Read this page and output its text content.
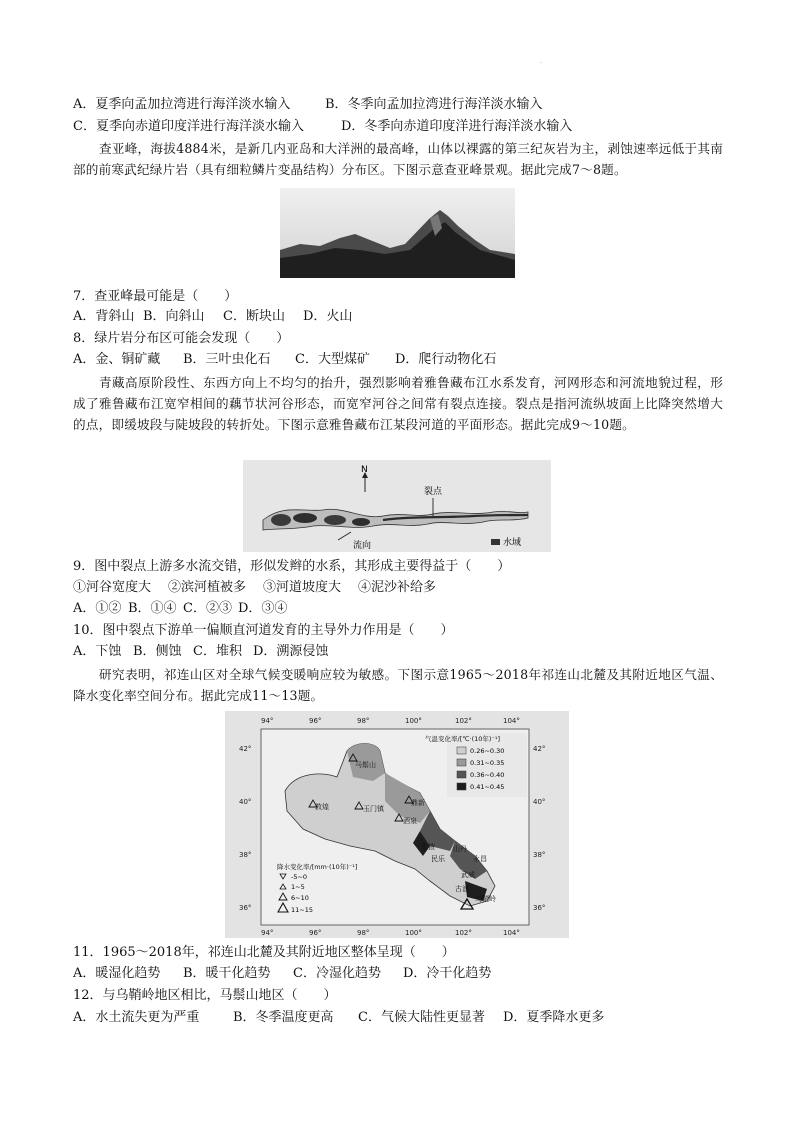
·
A．夏季向孟加拉湾进行海洋淡水输入	B．冬季向孟加拉湾进行海洋淡水输入
C．夏季向赤道印度洋进行海洋淡水输入	D．冬季向赤道印度洋进行海洋淡水输入
查亚峰，海拔4884米，是新几内亚岛和大洋洲的最高峰，山体以裸露的第三纪灰岩为主，剥蚀速率远低于其南部的前寒武纪绿片岩（具有细粒鳞片变晶结构）分布区。下图示意查亚峰景观。据此完成7～8题。
7．查亚峰最可能是（　　）
A．背斜山 B．向斜山 C．断块山 D．火山
8．绿片岩分布区可能会发现（　　）
A．金、铜矿藏 B．三叶虫化石 C．大型煤矿 D．爬行动物化石
青藏高原阶段性、东西方向上不均匀的抬升，强烈影响着雅鲁藏布江水系发育，河网形态和河流地貌过程，形成了雅鲁藏布江宽窄相间的藕节状河谷形态，而宽窄河谷之间常有裂点连接。裂点是指河流纵坡面上比降突然增大的点，即缓坡段与陡坡段的转折处。下图示意雅鲁藏布江某段河道的平面形态。据此完成9～10题。
N
裂点
流向	水域
9．图中裂点上游多水流交错，形似发辫的水系，其形成主要得益于（　　）
①河谷宽度大 ②滨河植被多 ③河道坡度大 ④泥沙补给多
A．①② B．①④ C．②③ D．③④
10．图中裂点下游单一偏顺直河道发育的主导外力作用是（　　）
A．下蚀 B．侧蚀 C．堆积 D．溯源侵蚀
研究表明，祁连山区对全球气候变暖响应较为敏感。下图示意1965～2018年祁连山北麓及其附近地区气温、降水变化率空间分布。据此完成11～13题。
94°	96°	98°	100°	102°	104°
94°	96°	98°	100°	102°	104°
42°
40°
38°
36°
42°
40°
38°
36°
马鬃山
敦煌	玉门镇
鼎新
酒泉
张掖
民乐
山丹
永昌
武威
古浪
乌鞘岭
气温变化率/[℃·(10年)⁻¹]
0.26~0.30
0.31~0.35
0.36~0.40
0.41~0.45
降水变化率/[mm·(10年)⁻¹]
-5~0
1~5
6~10
11~15
11．1965～2018年，祁连山北麓及其附近地区整体呈现（　　）
A．暖湿化趋势 B．暖干化趋势 C．冷湿化趋势 D．冷干化趋势
12．与乌鞘岭地区相比，马鬃山地区（　　）
A．水土流失更为严重	B．冬季温度更高 C．气候大陆性更显著 D．夏季降水更多
